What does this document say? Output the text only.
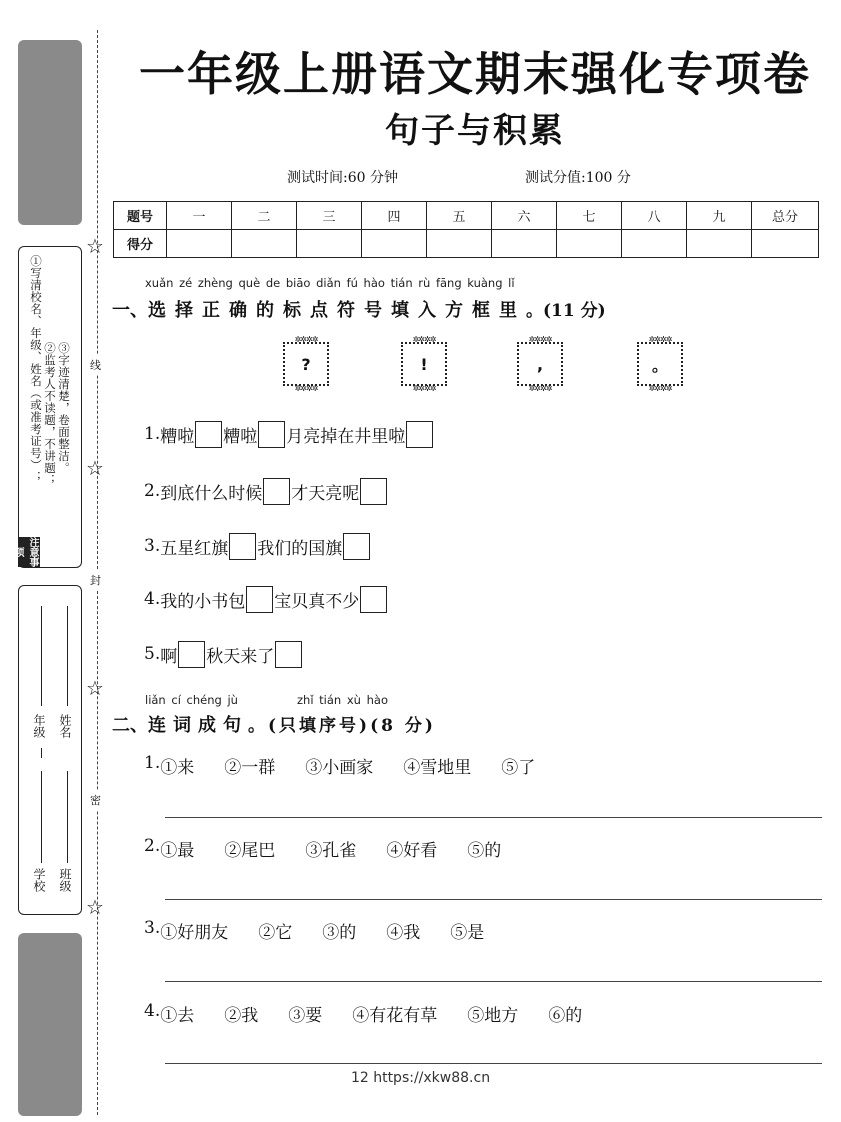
①写清校名、年级、姓名（或准考证号）； ②监考人不读题，不讲题； ③字迹清楚，卷面整洁。
注意事项
年级 姓名
学校 班级
线
封
密
☆
☆
☆
☆
一年级上册语文期末强化专项卷
句子与积累
测试时间:60 分钟	测试分值:100 分
题号	一	二	三	四	五	六	七	八	九	总分
得分										
xuǎn zé zhèng què de biāo diǎn fú hào tián rù fāng kuàng lǐ
一、选择正确的标点符号填入方框里。(11 分)
✲✲✲✲ ? ✲✲✲✲	✲✲✲✲ ! ✲✲✲✲	✲✲✲✲ , ✲✲✲✲	✲✲✲✲ 。 ✲✲✲✲
1. 糟啦 糟啦 月亮掉在井里啦
2. 到底什么时候 才天亮呢
3. 五星红旗 我们的国旗
4. 我的小书包 宝贝真不少
5. 啊 秋天来了
liǎn cí chéng jù	zhǐ tián xù hào
二、连词成句。(只填序号)(8 分)
1. ①来 ②一群 ③小画家 ④雪地里 ⑤了
2. ①最 ②尾巴 ③孔雀 ④好看 ⑤的
3. ①好朋友 ②它 ③的 ④我 ⑤是
4. ①去 ②我 ③要 ④有花有草 ⑤地方 ⑥的
12 https://xkw88.cn
